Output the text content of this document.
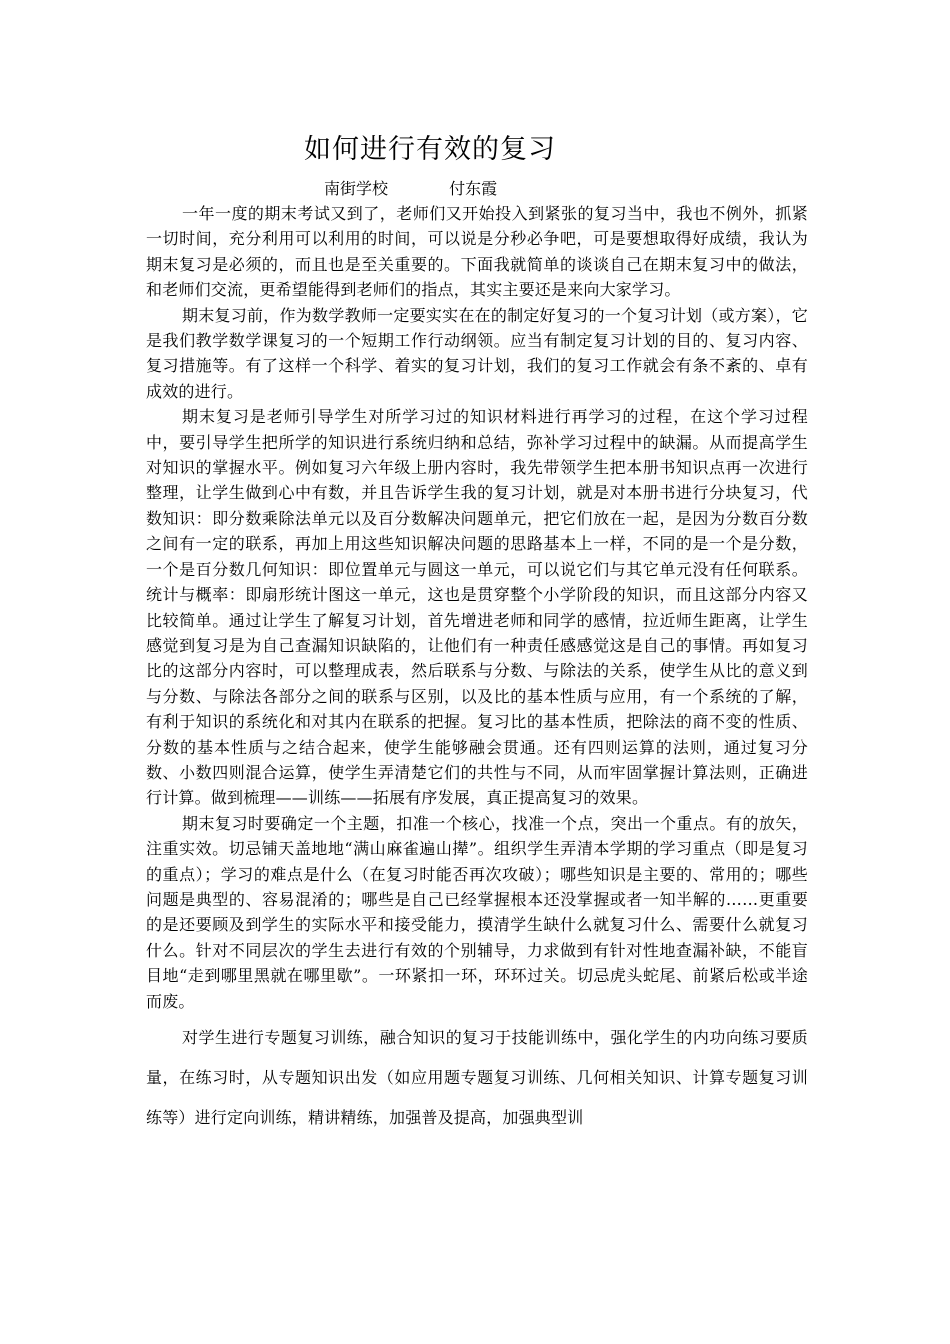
如何进行有效的复习
南街学校	付东霞

一年一度的期末考试又到了，老师们又开始投入到紧张的复习当中，我也不例外，抓紧一切时间，充分利用可以利用的时间，可以说是分秒必争吧，可是要想取得好成绩，我认为期末复习是必须的，而且也是至关重要的。下面我就简单的谈谈自己在期末复习中的做法，和老师们交流，更希望能得到老师们的指点，其实主要还是来向大家学习。

期末复习前，作为数学教师一定要实实在在的制定好复习的一个复习计划（或方案），它是我们教学数学课复习的一个短期工作行动纲领。应当有制定复习计划的目的、复习内容、复习措施等。有了这样一个科学、着实的复习计划，我们的复习工作就会有条不紊的、卓有成效的进行。

期末复习是老师引导学生对所学习过的知识材料进行再学习的过程，在这个学习过程中，要引导学生把所学的知识进行系统归纳和总结，弥补学习过程中的缺漏。从而提高学生对知识的掌握水平。例如复习六年级上册内容时，我先带领学生把本册书知识点再一次进行整理，让学生做到心中有数，并且告诉学生我的复习计划，就是对本册书进行分块复习，代数知识：即分数乘除法单元以及百分数解决问题单元，把它们放在一起，是因为分数百分数之间有一定的联系，再加上用这些知识解决问题的思路基本上一样，不同的是一个是分数，一个是百分数几何知识：即位置单元与圆这一单元，可以说它们与其它单元没有任何联系。统计与概率：即扇形统计图这一单元，这也是贯穿整个小学阶段的知识，而且这部分内容又比较简单。通过让学生了解复习计划，首先增进老师和同学的感情，拉近师生距离，让学生感觉到复习是为自己查漏知识缺陷的，让他们有一种责任感感觉这是自己的事情。再如复习比的这部分内容时，可以整理成表，然后联系与分数、与除法的关系，使学生从比的意义到与分数、与除法各部分之间的联系与区别，以及比的基本性质与应用，有一个系统的了解，有利于知识的系统化和对其内在联系的把握。复习比的基本性质，把除法的商不变的性质、分数的基本性质与之结合起来，使学生能够融会贯通。还有四则运算的法则，通过复习分数、小数四则混合运算，使学生弄清楚它们的共性与不同，从而牢固掌握计算法则，正确进行计算。做到梳理——训练——拓展有序发展，真正提高复习的效果。

期末复习时要确定一个主题，扣准一个核心，找准一个点，突出一个重点。有的放矢，注重实效。切忌铺天盖地地“满山麻雀遍山撵”。组织学生弄清本学期的学习重点（即是复习的重点）；学习的难点是什么（在复习时能否再次攻破）；哪些知识是主要的、常用的；哪些问题是典型的、容易混淆的；哪些是自己已经掌握根本还没掌握或者一知半解的……更重要的是还要顾及到学生的实际水平和接受能力，摸清学生缺什么就复习什么、需要什么就复习什么。针对不同层次的学生去进行有效的个别辅导，力求做到有针对性地查漏补缺，不能盲目地“走到哪里黑就在哪里歇”。一环紧扣一环，环环过关。切忌虎头蛇尾、前紧后松或半途而废。

对学生进行专题复习训练，融合知识的复习于技能训练中，强化学生的内功向练习要质量，在练习时，从专题知识出发（如应用题专题复习训练、几何相关知识、计算专题复习训练等）进行定向训练，精讲精练，加强普及提高，加强典型训
